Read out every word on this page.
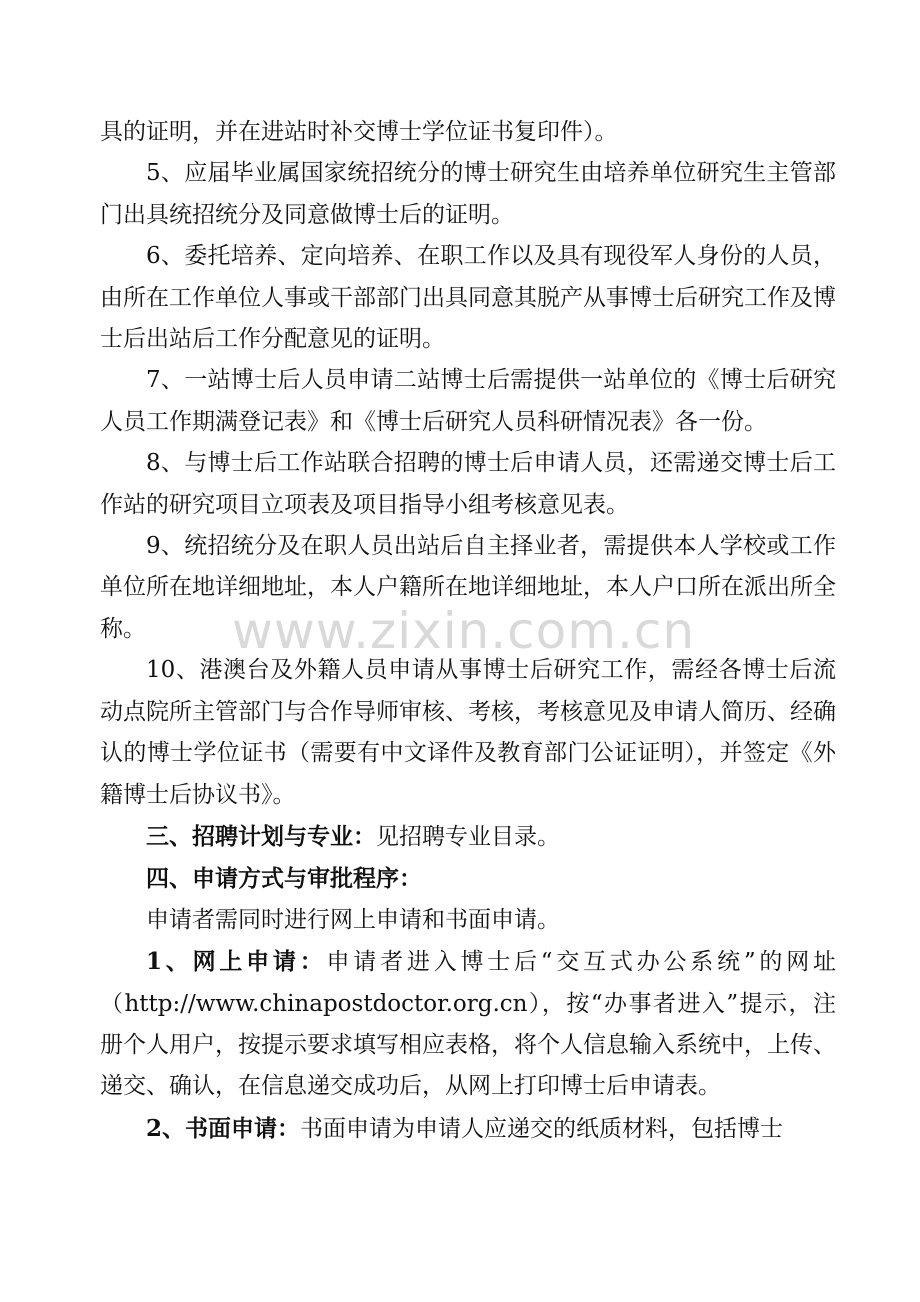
具的证明，并在进站时补交博士学位证书复印件）。

5、应届毕业属国家统招统分的博士研究生由培养单位研究生主管部门出具统招统分及同意做博士后的证明。

6、委托培养、定向培养、在职工作以及具有现役军人身份的人员，由所在工作单位人事或干部部门出具同意其脱产从事博士后研究工作及博士后出站后工作分配意见的证明。

7、一站博士后人员申请二站博士后需提供一站单位的《博士后研究人员工作期满登记表》和《博士后研究人员科研情况表》各一份。

8、与博士后工作站联合招聘的博士后申请人员，还需递交博士后工作站的研究项目立项表及项目指导小组考核意见表。

9、统招统分及在职人员出站后自主择业者，需提供本人学校或工作单位所在地详细地址，本人户籍所在地详细地址，本人户口所在派出所全称。

10、港澳台及外籍人员申请从事博士后研究工作，需经各博士后流动点院所主管部门与合作导师审核、考核，考核意见及申请人简历、经确认的博士学位证书（需要有中文译件及教育部门公证证明），并签定《外籍博士后协议书》。

三、招聘计划与专业：见招聘专业目录。

四、申请方式与审批程序：

申请者需同时进行网上申请和书面申请。

1、网上申请：申请者进入博士后“交互式办公系统”的网址（http://www.chinapostdoctor.org.cn），按“办事者进入”提示，注册个人用户，按提示要求填写相应表格，将个人信息输入系统中，上传、递交、确认，在信息递交成功后，从网上打印博士后申请表。

2、书面申请：书面申请为申请人应递交的纸质材料，包括博士

www.zixin.com.cn
